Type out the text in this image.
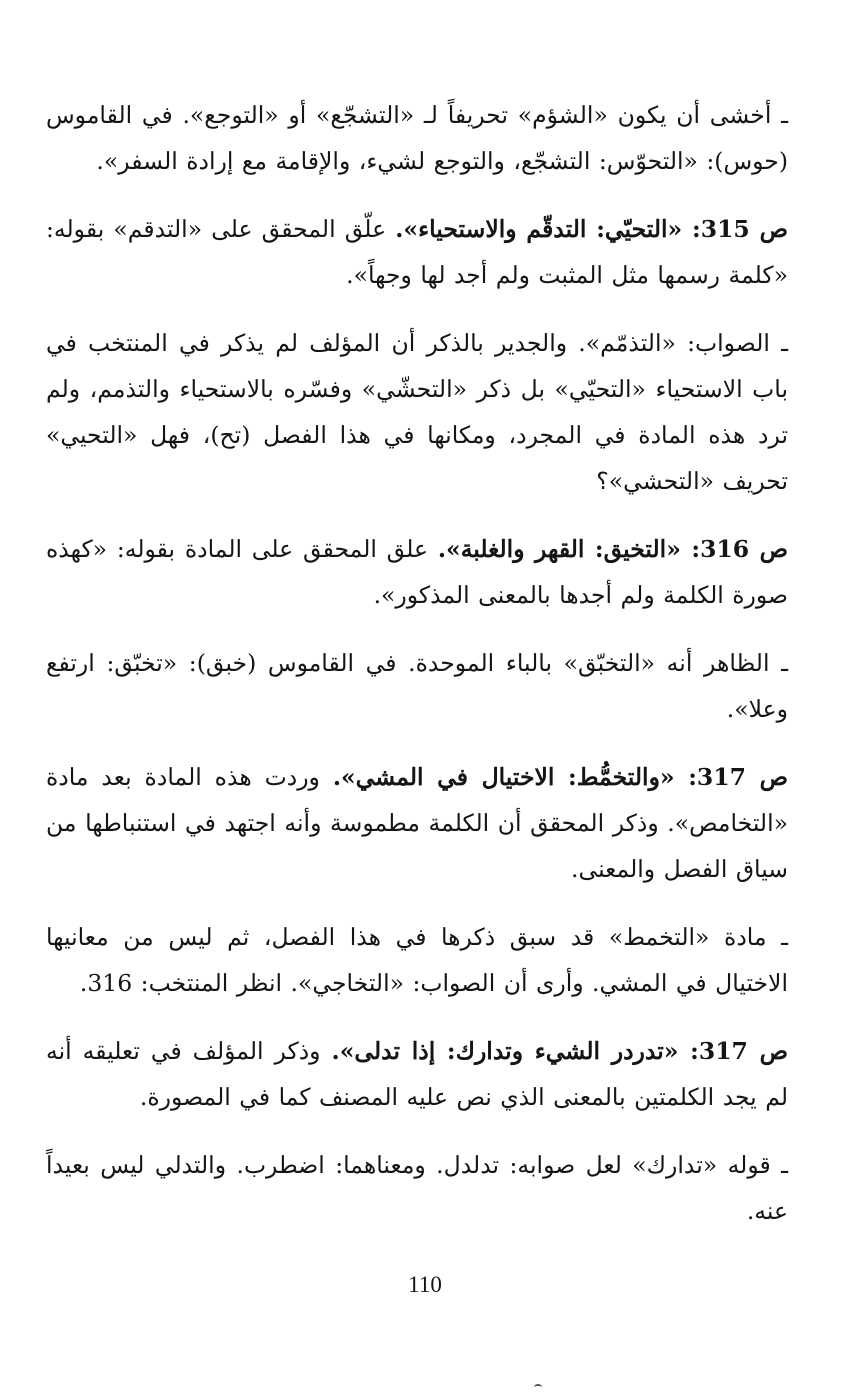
ـ أخشى أن يكون «الشؤم» تحريفاً لـ «التشجّع» أو «التوجع». في القاموس (حوس): «التحوّس: التشجّع، والتوجع لشيء، والإقامة مع إرادة السفر».

ص 315: «التحيّي: التدقّم والاستحياء». علّق المحقق على «التدقم» بقوله: «كلمة رسمها مثل المثبت ولم أجد لها وجهاً».

ـ الصواب: «التذمّم». والجدير بالذكر أن المؤلف لم يذكر في المنتخب في باب الاستحياء «التحيّي» بل ذكر «التحشّي» وفسّره بالاستحياء والتذمم، ولم ترد هذه المادة في المجرد، ومكانها في هذا الفصل (تح)، فهل «التحيي» تحريف «التحشي»؟

ص 316: «التخيق: القهر والغلبة». علق المحقق على المادة بقوله: «كهذه صورة الكلمة ولم أجدها بالمعنى المذكور».

ـ الظاهر أنه «التخبّق» بالباء الموحدة. في القاموس (خبق): «تخبّق: ارتفع وعلا».

ص 317: «والتخمُّط: الاختيال في المشي». وردت هذه المادة بعد مادة «التخامص». وذكر المحقق أن الكلمة مطموسة وأنه اجتهد في استنباطها من سياق الفصل والمعنى.

ـ مادة «التخمط» قد سبق ذكرها في هذا الفصل، ثم ليس من معانيها الاختيال في المشي. وأرى أن الصواب: «التخاجي». انظر المنتخب: 316.

ص 317: «تدردر الشيء وتدارك: إذا تدلى». وذكر المؤلف في تعليقه أنه لم يجد الكلمتين بالمعنى الذي نص عليه المصنف كما في المصورة.

ـ قوله «تدارك» لعل صوابه: تدلدل. ومعناهما: اضطرب. والتدلي ليس بعيداً عنه.

110
